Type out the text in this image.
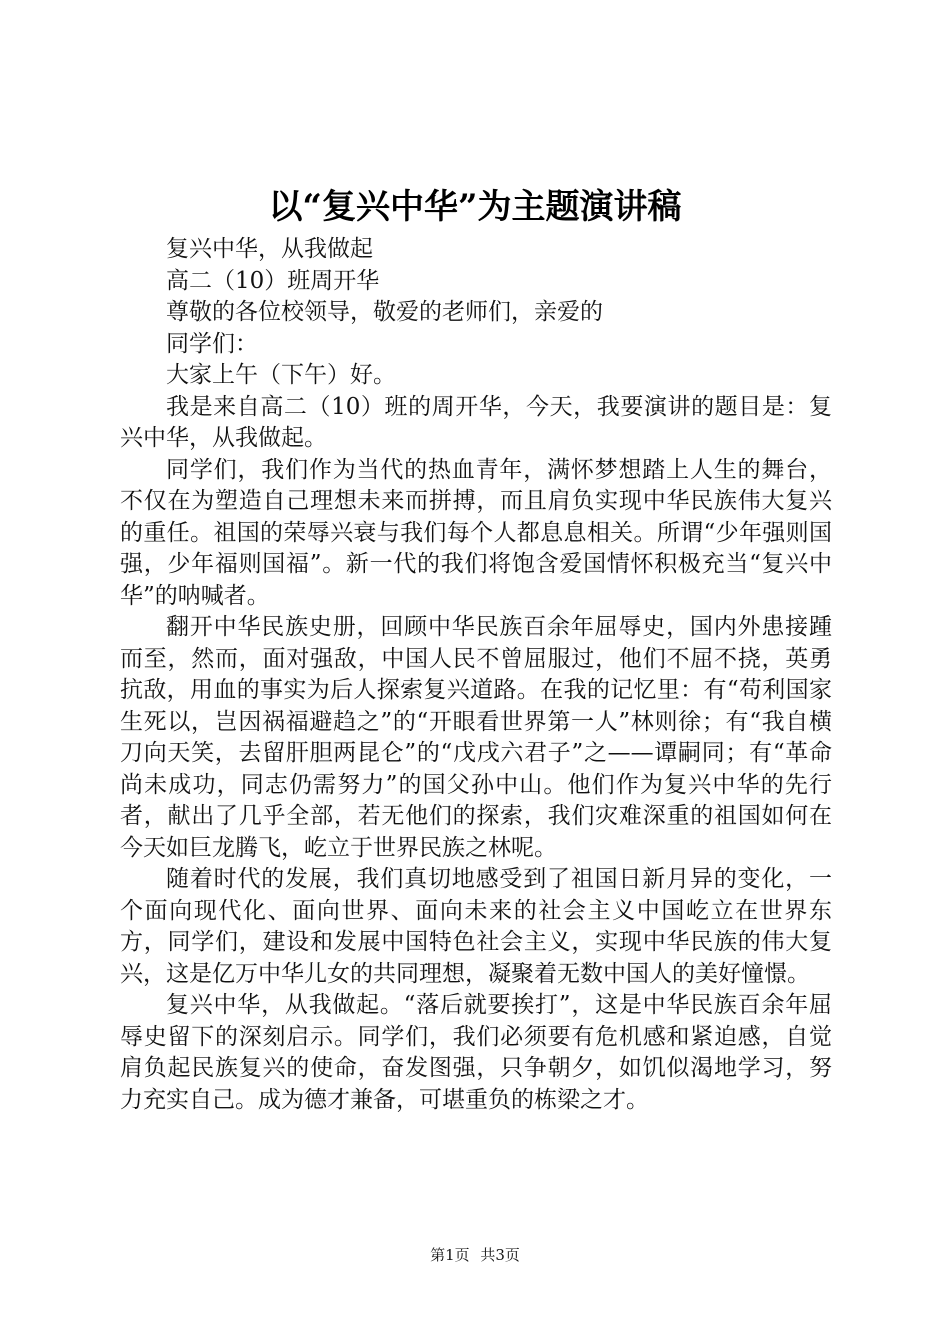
以“复兴中华”为主题演讲稿

复兴中华，从我做起

高二（10）班周开华

尊敬的各位校领导，敬爱的老师们，亲爱的

同学们：

大家上午（下午）好。

我是来自高二（10）班的周开华，今天，我要演讲的题目是：复兴中华，从我做起。

同学们，我们作为当代的热血青年，满怀梦想踏上人生的舞台，不仅在为塑造自己理想未来而拼搏，而且肩负实现中华民族伟大复兴的重任。祖国的荣辱兴衰与我们每个人都息息相关。所谓“少年强则国强，少年福则国福”。新一代的我们将饱含爱国情怀积极充当“复兴中华”的呐喊者。

翻开中华民族史册，回顾中华民族百余年屈辱史，国内外患接踵而至，然而，面对强敌，中国人民不曾屈服过，他们不屈不挠，英勇抗敌，用血的事实为后人探索复兴道路。在我的记忆里：有“苟利国家生死以，岂因祸福避趋之”的“开眼看世界第一人”林则徐；有“我自横刀向天笑，去留肝胆两昆仑”的“戊戌六君子”之——谭嗣同；有“革命尚未成功，同志仍需努力”的国父孙中山。他们作为复兴中华的先行者，献出了几乎全部，若无他们的探索，我们灾难深重的祖国如何在今天如巨龙腾飞，屹立于世界民族之林呢。

随着时代的发展，我们真切地感受到了祖国日新月异的变化，一个面向现代化、面向世界、面向未来的社会主义中国屹立在世界东方，同学们，建设和发展中国特色社会主义，实现中华民族的伟大复兴，这是亿万中华儿女的共同理想，凝聚着无数中国人的美好憧憬。

复兴中华，从我做起。“落后就要挨打”，这是中华民族百余年屈辱史留下的深刻启示。同学们，我们必须要有危机感和紧迫感，自觉肩负起民族复兴的使命，奋发图强，只争朝夕，如饥似渴地学习，努力充实自己。成为德才兼备，可堪重负的栋梁之才。

第1页 共3页
